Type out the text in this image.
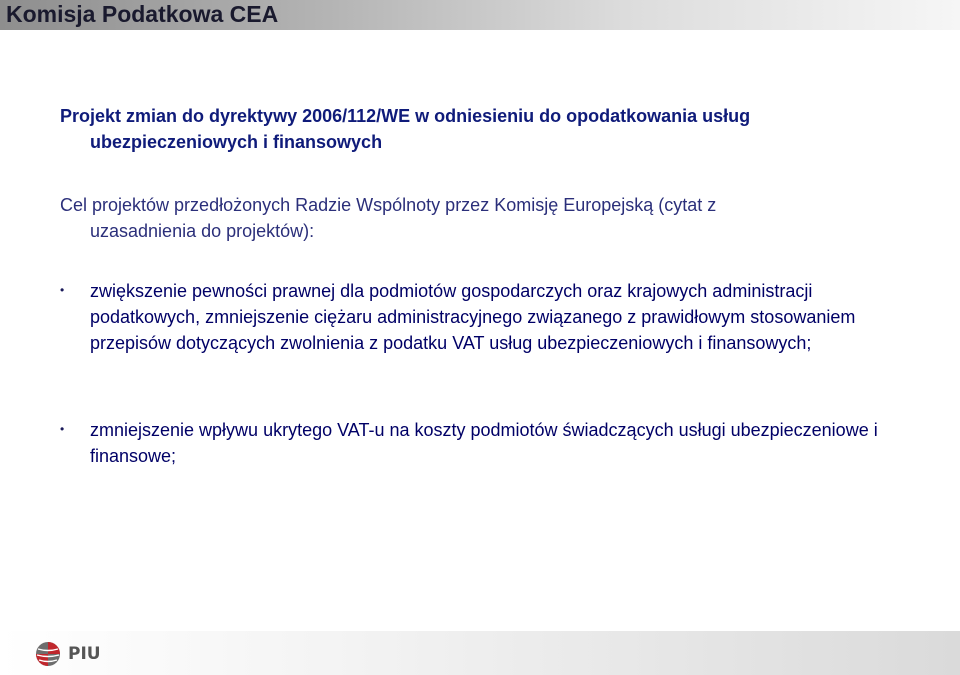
Komisja Podatkowa CEA
Projekt zmian do dyrektywy 2006/112/WE w odniesieniu do opodatkowania usług
ubezpieczeniowych i finansowych
Cel projektów przedłożonych Radzie Wspólnoty przez Komisję Europejską (cytat z
uzasadnienia do projektów):
• zwiększenie pewności prawnej dla podmiotów gospodarczych oraz krajowych administracji podatkowych, zmniejszenie ciężaru administracyjnego związanego z prawidłowym stosowaniem przepisów dotyczących zwolnienia z podatku VAT usług ubezpieczeniowych i finansowych;
• zmniejszenie wpływu ukrytego VAT-u na koszty podmiotów świadczących usługi ubezpieczeniowe i finansowe;
PIU
